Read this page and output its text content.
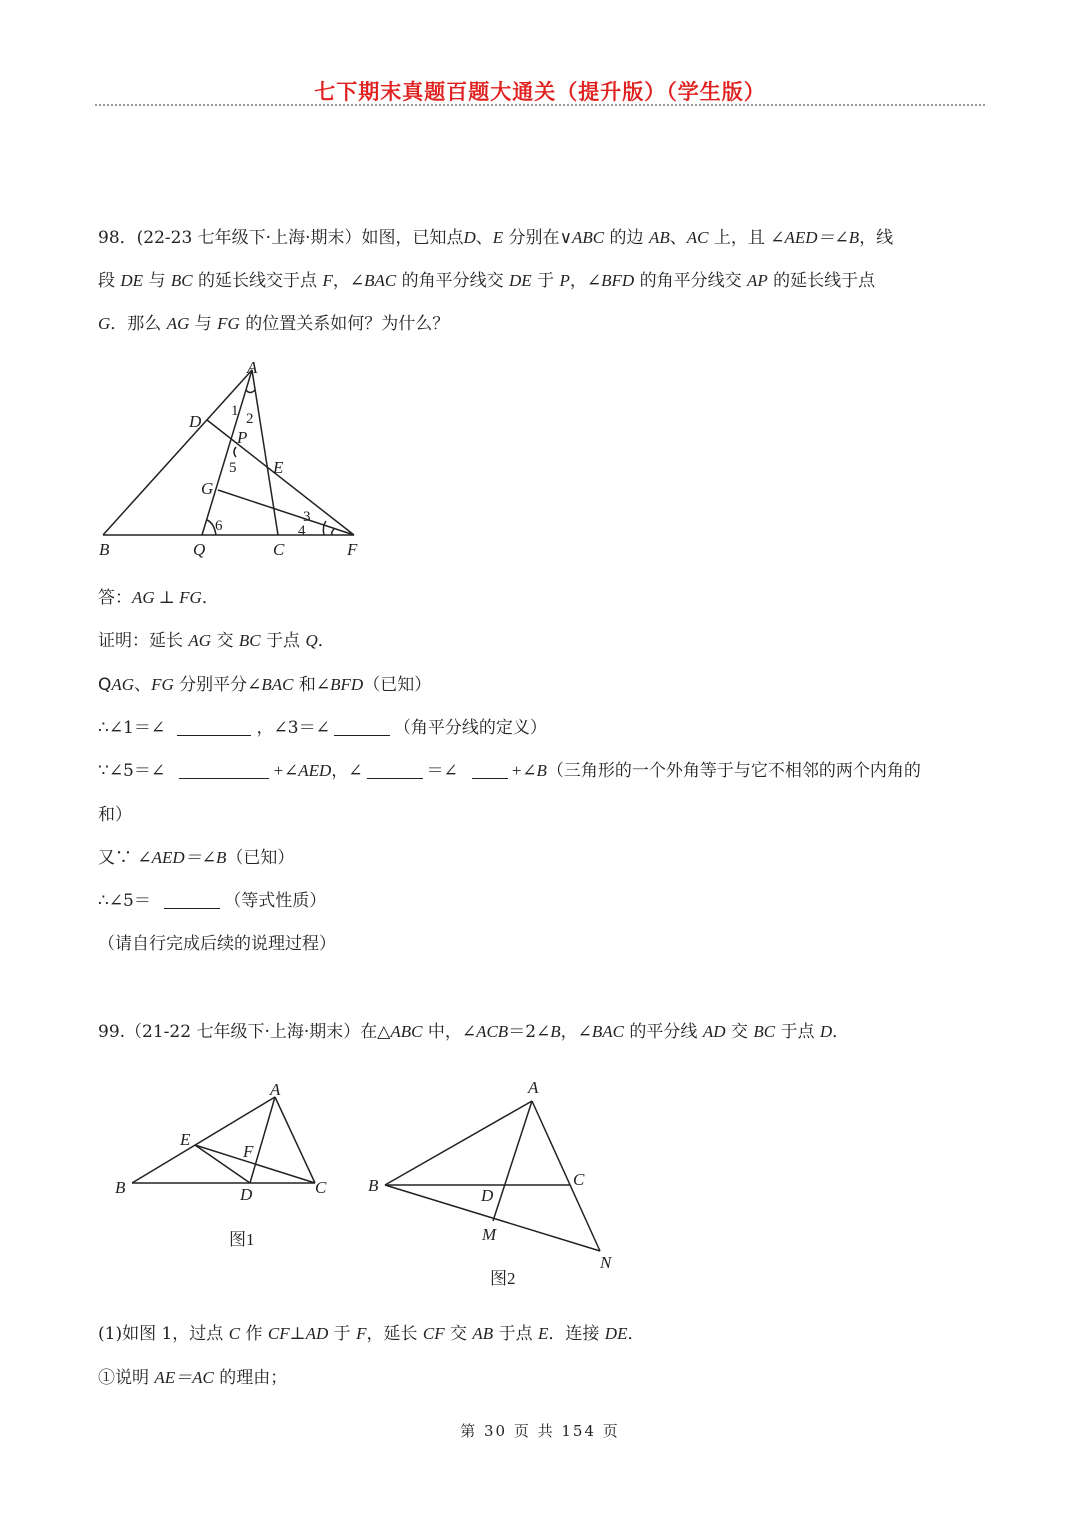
七下期末真题百题大通关（提升版）（学生版）
98．(22-23 七年级下·上海·期末）如图，已知点D、E 分别在∨ABC 的边 AB、AC 上，且 ∠AED＝∠B，线
段 DE 与 BC 的延长线交于点 F，∠BAC 的角平分线交 DE 于 P，∠BFD 的角平分线交 AP 的延长线于点
G．那么 AG 与 FG 的位置关系如何？为什么？
A
B	C
D
E
F
G
P
Q
1 2
3
4
5
6
答：AG ⊥ FG．
证明：延长 AG 交 BC 于点 Q．
QAG、FG 分别平分∠BAC 和∠BFD（已知）
∴∠1＝∠	，∠3＝∠	（角平分线的定义）
∵∠5＝∠	+∠AED，∠	＝∠	+∠B（三角形的一个外角等于与它不相邻的两个内角的
和）
又∵ ∠AED＝∠B（已知）
∴∠5＝	（等式性质）
（请自行完成后续的说理过程）
99.（21-22 七年级下·上海·期末）在△ABC 中，∠ACB＝2∠B，∠BAC 的平分线 AD 交 BC 于点 D．
A
B	C
D
E
F
图1
A
B	C
D
M
N
图2
(1)如图 1，过点 C 作 CF⊥AD 于 F，延长 CF 交 AB 于点 E．连接 DE．
①说明 AE＝AC 的理由；
第 30 页 共 154 页
